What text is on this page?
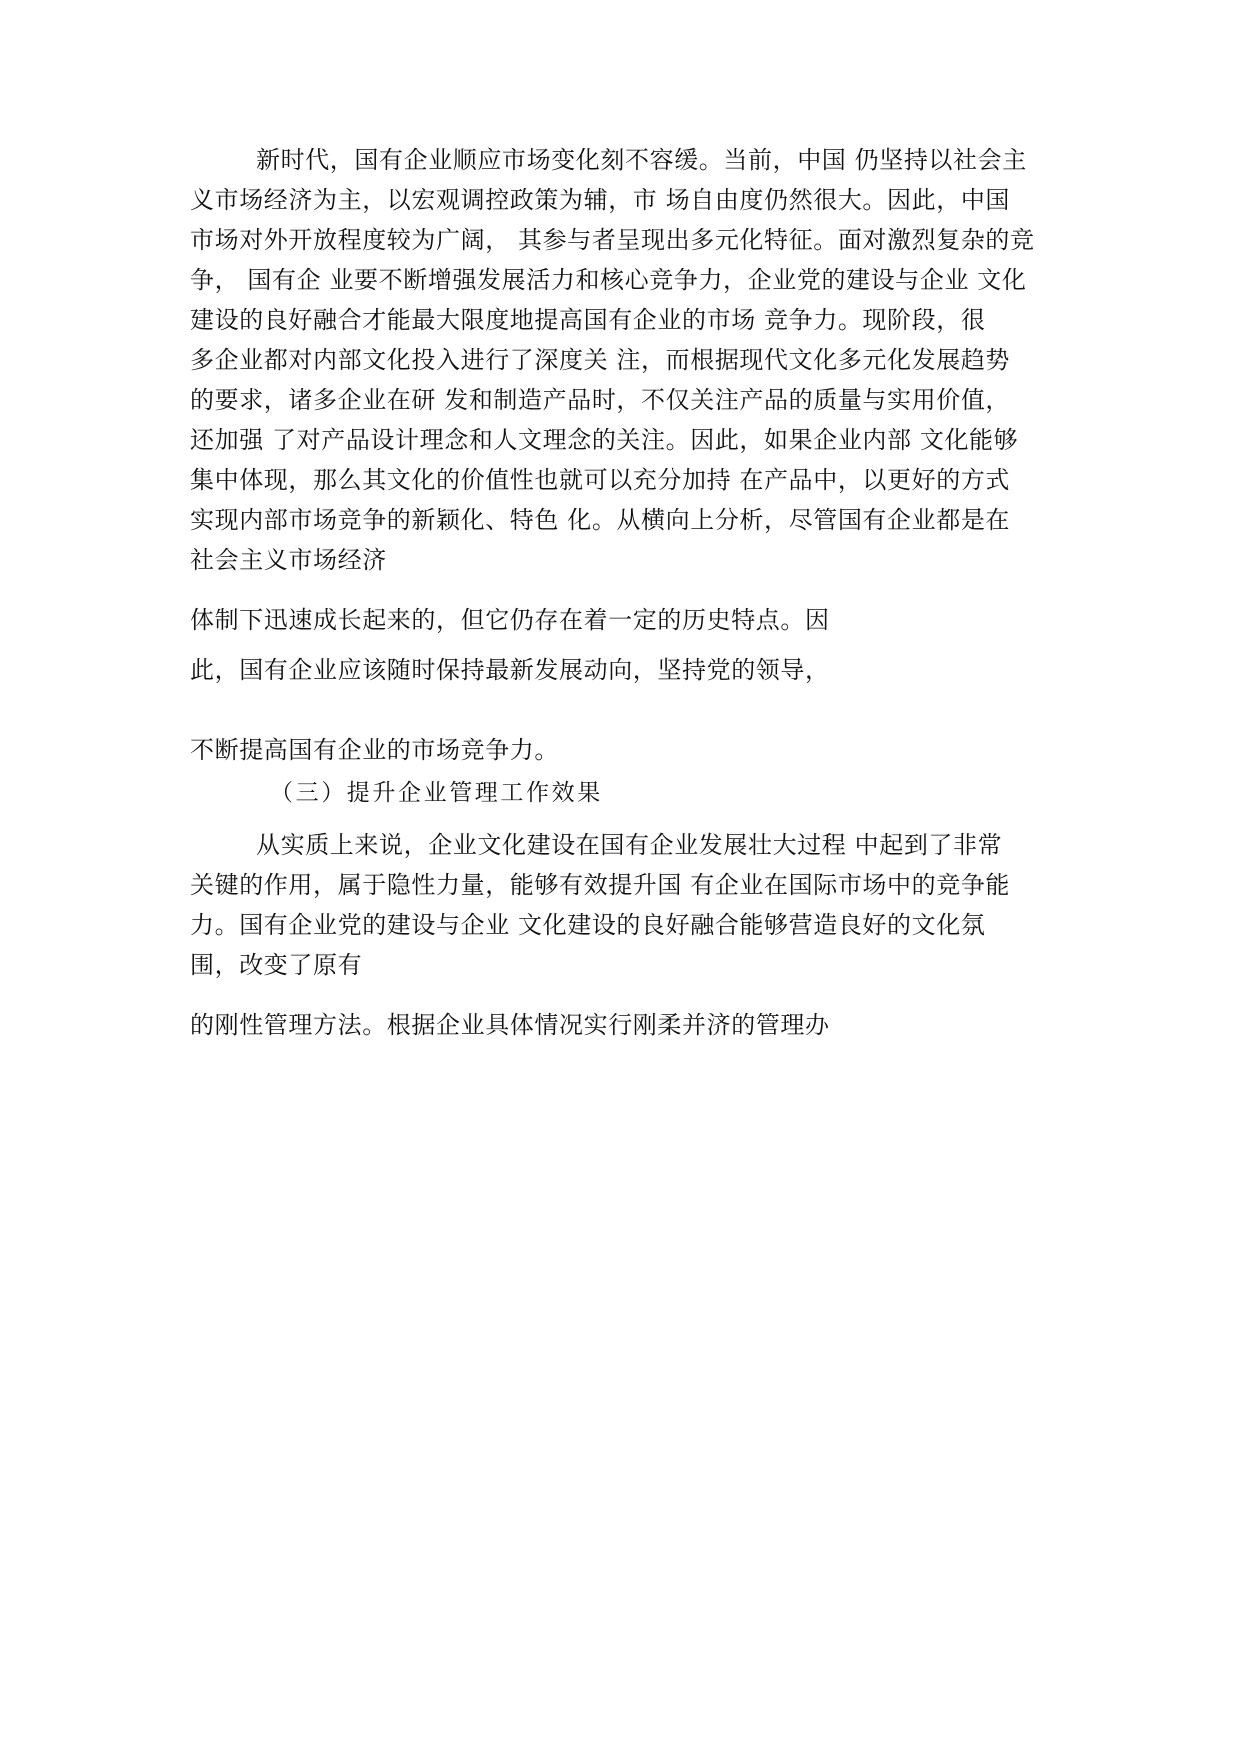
新时代，国有企业顺应市场变化刻不容缓。当前，中国 仍坚持以社会主
义市场经济为主，以宏观调控政策为辅，市 场自由度仍然很大。因此，中国
市场对外开放程度较为广阔， 其参与者呈现出多元化特征。面对激烈复杂的竞
争， 国有企 业要不断增强发展活力和核心竞争力，企业党的建设与企业 文化
建设的良好融合才能最大限度地提高国有企业的市场 竞争力。现阶段，很
多企业都对内部文化投入进行了深度关 注，而根据现代文化多元化发展趋势
的要求，诸多企业在研 发和制造产品时，不仅关注产品的质量与实用价值，
还加强 了对产品设计理念和人文理念的关注。因此，如果企业内部 文化能够
集中体现，那么其文化的价值性也就可以充分加持 在产品中，以更好的方式
实现内部市场竞争的新颖化、特色 化。从横向上分析，尽管国有企业都是在
社会主义市场经济
体制下迅速成长起来的，但它仍存在着一定的历史特点。因
此，国有企业应该随时保持最新发展动向，坚持党的领导，
不断提高国有企业的市场竞争力。
（三）提升企业管理工作效果
从实质上来说，企业文化建设在国有企业发展壮大过程 中起到了非常
关键的作用，属于隐性力量，能够有效提升国 有企业在国际市场中的竞争能
力。国有企业党的建设与企业 文化建设的良好融合能够营造良好的文化氛
围，改变了原有
的刚性管理方法。根据企业具体情况实行刚柔并济的管理办
